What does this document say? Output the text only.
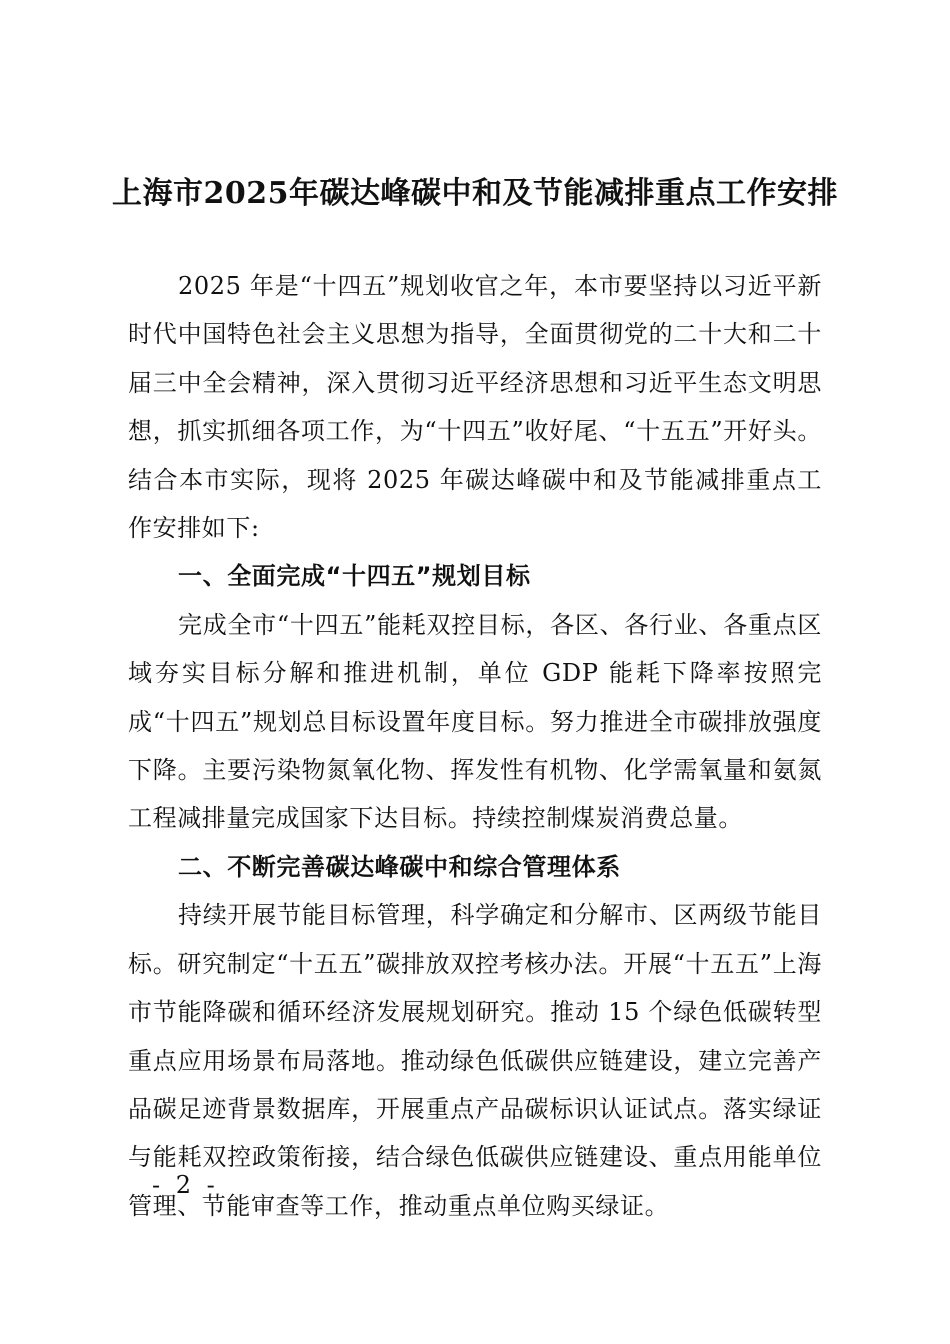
上海市2025年碳达峰碳中和及节能减排重点工作安排

2025 年是“十四五”规划收官之年，本市要坚持以习近平新时代中国特色社会主义思想为指导，全面贯彻党的二十大和二十届三中全会精神，深入贯彻习近平经济思想和习近平生态文明思想，抓实抓细各项工作，为“十四五”收好尾、“十五五”开好头。结合本市实际，现将 2025 年碳达峰碳中和及节能减排重点工作安排如下:

一、全面完成“十四五”规划目标

完成全市“十四五”能耗双控目标，各区、各行业、各重点区域夯实目标分解和推进机制，单位 GDP 能耗下降率按照完成“十四五”规划总目标设置年度目标。努力推进全市碳排放强度下降。主要污染物氮氧化物、挥发性有机物、化学需氧量和氨氮工程减排量完成国家下达目标。持续控制煤炭消费总量。

二、不断完善碳达峰碳中和综合管理体系

持续开展节能目标管理，科学确定和分解市、区两级节能目标。研究制定“十五五”碳排放双控考核办法。开展“十五五”上海市节能降碳和循环经济发展规划研究。推动 15 个绿色低碳转型重点应用场景布局落地。推动绿色低碳供应链建设，建立完善产品碳足迹背景数据库，开展重点产品碳标识认证试点。落实绿证与能耗双控政策衔接，结合绿色低碳供应链建设、重点用能单位管理、节能审查等工作，推动重点单位购买绿证。

- 2 -
